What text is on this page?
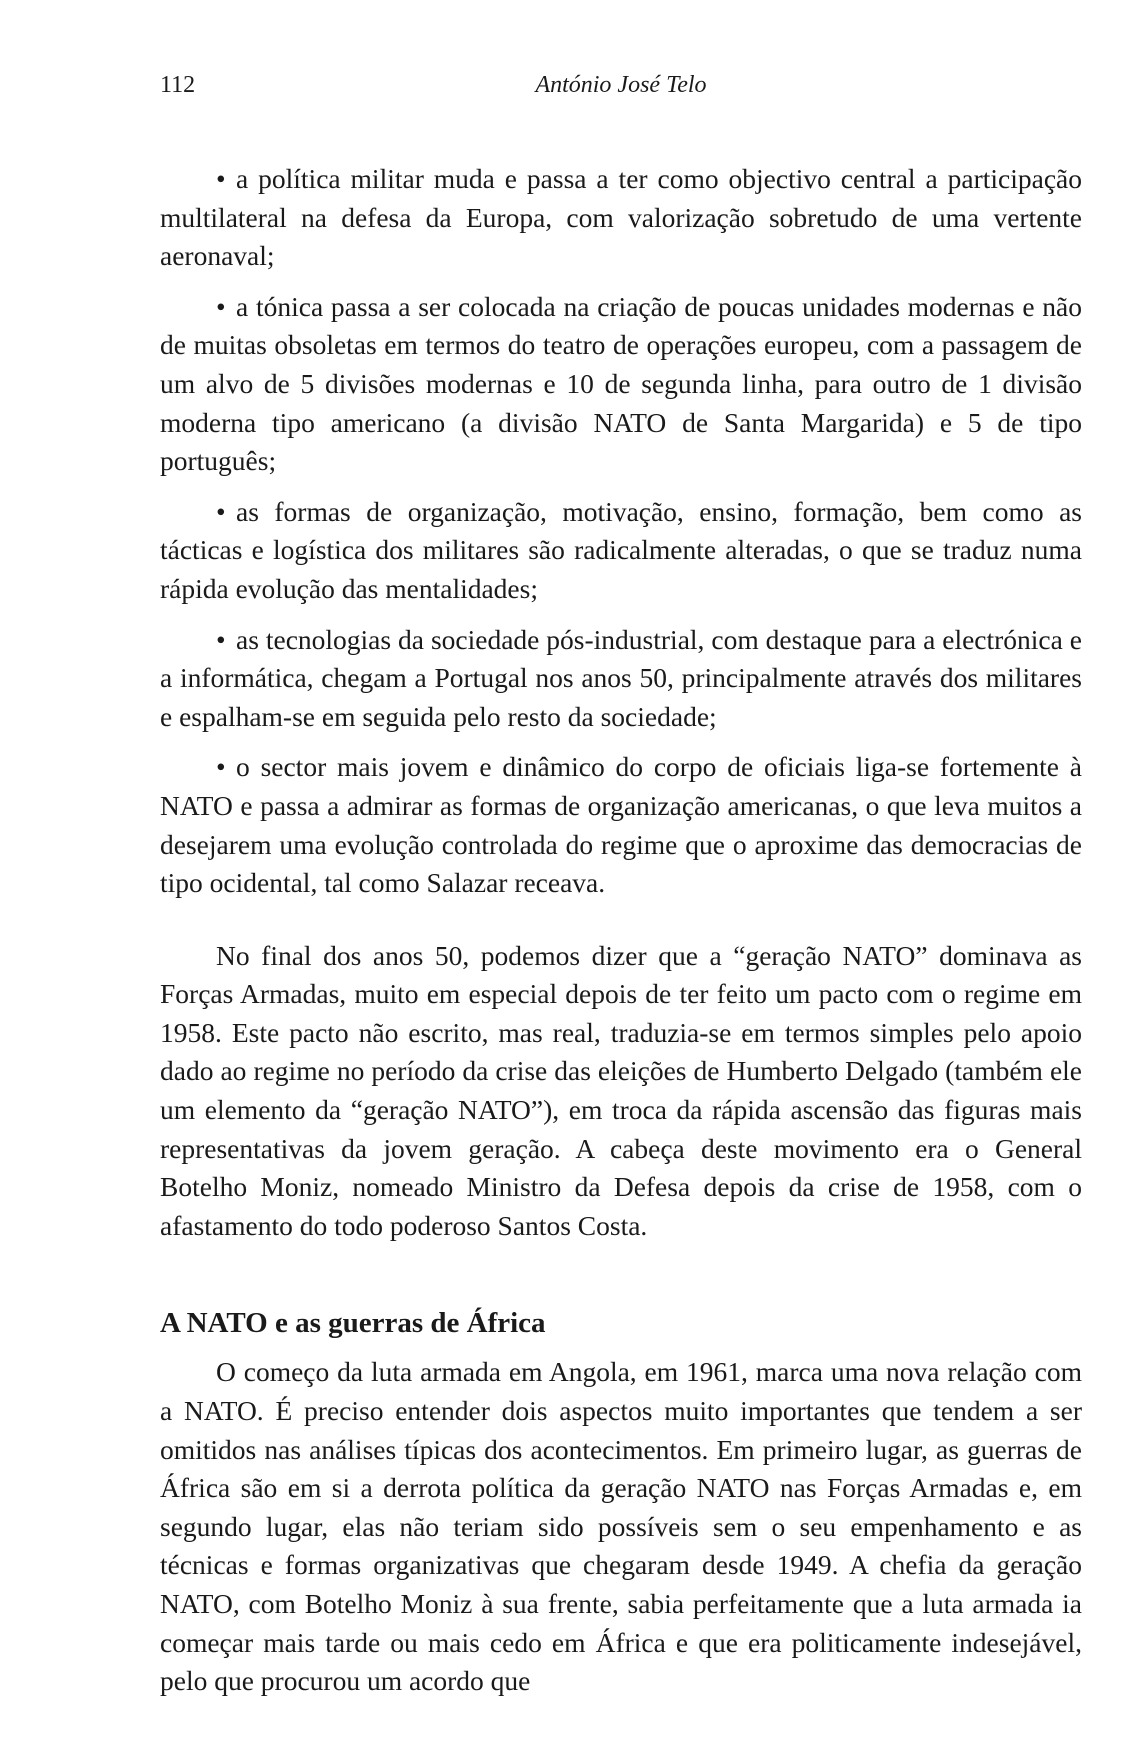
112	António José Telo
• a política militar muda e passa a ter como objectivo central a participação multilateral na defesa da Europa, com valorização sobretudo de uma vertente aeronaval;
• a tónica passa a ser colocada na criação de poucas unidades modernas e não de muitas obsoletas em termos do teatro de operações europeu, com a passagem de um alvo de 5 divisões modernas e 10 de segunda linha, para outro de 1 divisão moderna tipo americano (a divisão NATO de Santa Margarida) e 5 de tipo português;
• as formas de organização, motivação, ensino, formação, bem como as tácticas e logística dos militares são radicalmente alteradas, o que se traduz numa rápida evolução das mentalidades;
• as tecnologias da sociedade pós-industrial, com destaque para a electrónica e a informática, chegam a Portugal nos anos 50, principalmente através dos militares e espalham-se em seguida pelo resto da sociedade;
• o sector mais jovem e dinâmico do corpo de oficiais liga-se fortemente à NATO e passa a admirar as formas de organização americanas, o que leva muitos a desejarem uma evolução controlada do regime que o aproxime das democracias de tipo ocidental, tal como Salazar receava.

No final dos anos 50, podemos dizer que a “geração NATO” dominava as Forças Armadas, muito em especial depois de ter feito um pacto com o regime em 1958. Este pacto não escrito, mas real, traduzia-se em termos simples pelo apoio dado ao regime no período da crise das eleições de Humberto Delgado (também ele um elemento da “geração NATO”), em troca da rápida ascensão das figuras mais representativas da jovem geração. A cabeça deste movimento era o General Botelho Moniz, nomeado Ministro da Defesa depois da crise de 1958, com o afastamento do todo poderoso Santos Costa.

A NATO e as guerras de África

O começo da luta armada em Angola, em 1961, marca uma nova relação com a NATO. É preciso entender dois aspectos muito importantes que tendem a ser omitidos nas análises típicas dos acontecimentos. Em primeiro lugar, as guerras de África são em si a derrota política da geração NATO nas Forças Armadas e, em segundo lugar, elas não teriam sido possíveis sem o seu empenhamento e as técnicas e formas organizativas que chegaram desde 1949. A chefia da geração NATO, com Botelho Moniz à sua frente, sabia perfeitamente que a luta armada ia começar mais tarde ou mais cedo em África e que era politicamente indesejável, pelo que procurou um acordo que
